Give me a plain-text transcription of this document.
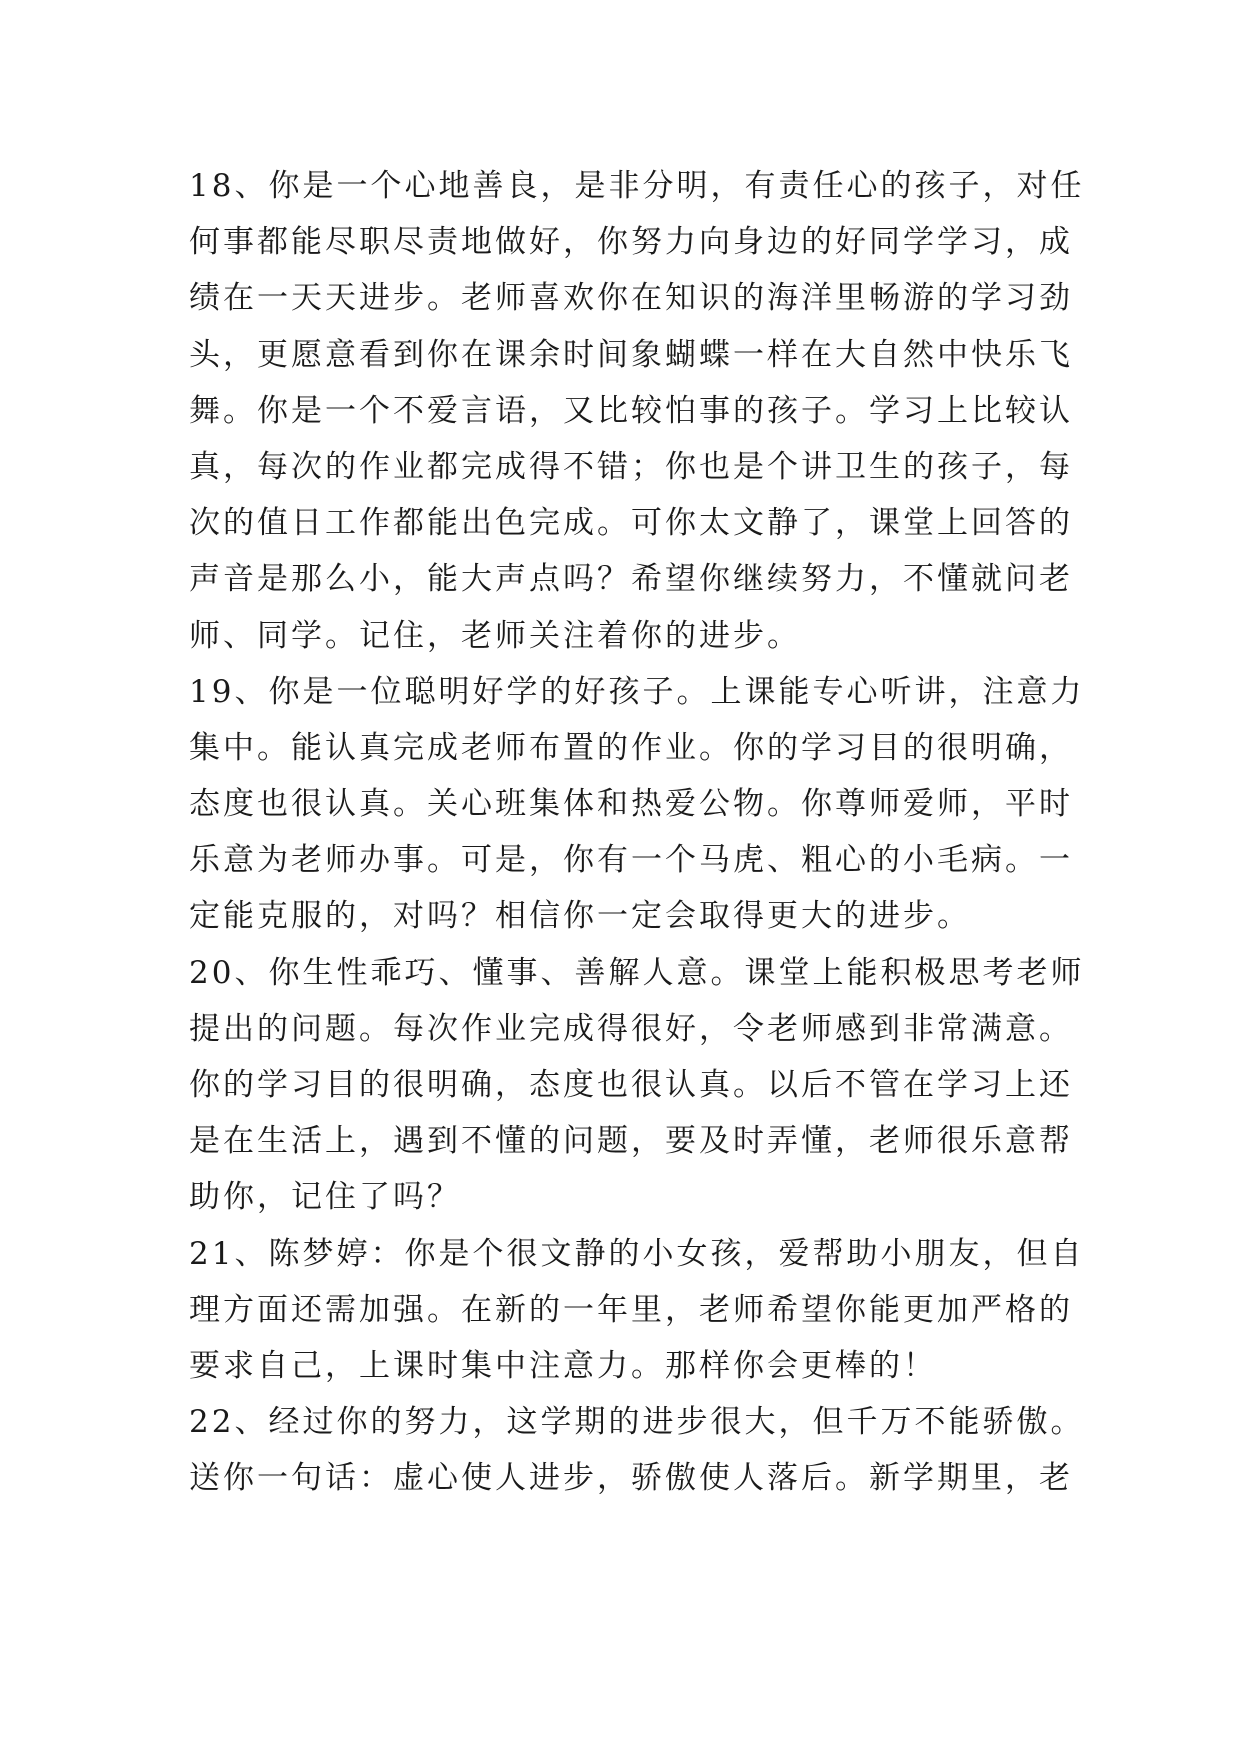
18、你是一个心地善良，是非分明，有责任心的孩子，对任
何事都能尽职尽责地做好，你努力向身边的好同学学习，成
绩在一天天进步。老师喜欢你在知识的海洋里畅游的学习劲
头，更愿意看到你在课余时间象蝴蝶一样在大自然中快乐飞
舞。你是一个不爱言语，又比较怕事的孩子。学习上比较认
真，每次的作业都完成得不错；你也是个讲卫生的孩子，每
次的值日工作都能出色完成。可你太文静了，课堂上回答的
声音是那么小，能大声点吗？希望你继续努力，不懂就问老
师、同学。记住，老师关注着你的进步。
19、你是一位聪明好学的好孩子。上课能专心听讲，注意力
集中。能认真完成老师布置的作业。你的学习目的很明确，
态度也很认真。关心班集体和热爱公物。你尊师爱师，平时
乐意为老师办事。可是，你有一个马虎、粗心的小毛病。一
定能克服的，对吗？相信你一定会取得更大的进步。
20、你生性乖巧、懂事、善解人意。课堂上能积极思考老师
提出的问题。每次作业完成得很好，令老师感到非常满意。
你的学习目的很明确，态度也很认真。以后不管在学习上还
是在生活上，遇到不懂的问题，要及时弄懂，老师很乐意帮
助你，记住了吗？
21、陈梦婷：你是个很文静的小女孩，爱帮助小朋友，但自
理方面还需加强。在新的一年里，老师希望你能更加严格的
要求自己，上课时集中注意力。那样你会更棒的！
22、经过你的努力，这学期的进步很大，但千万不能骄傲。
送你一句话：虚心使人进步，骄傲使人落后。新学期里，老
